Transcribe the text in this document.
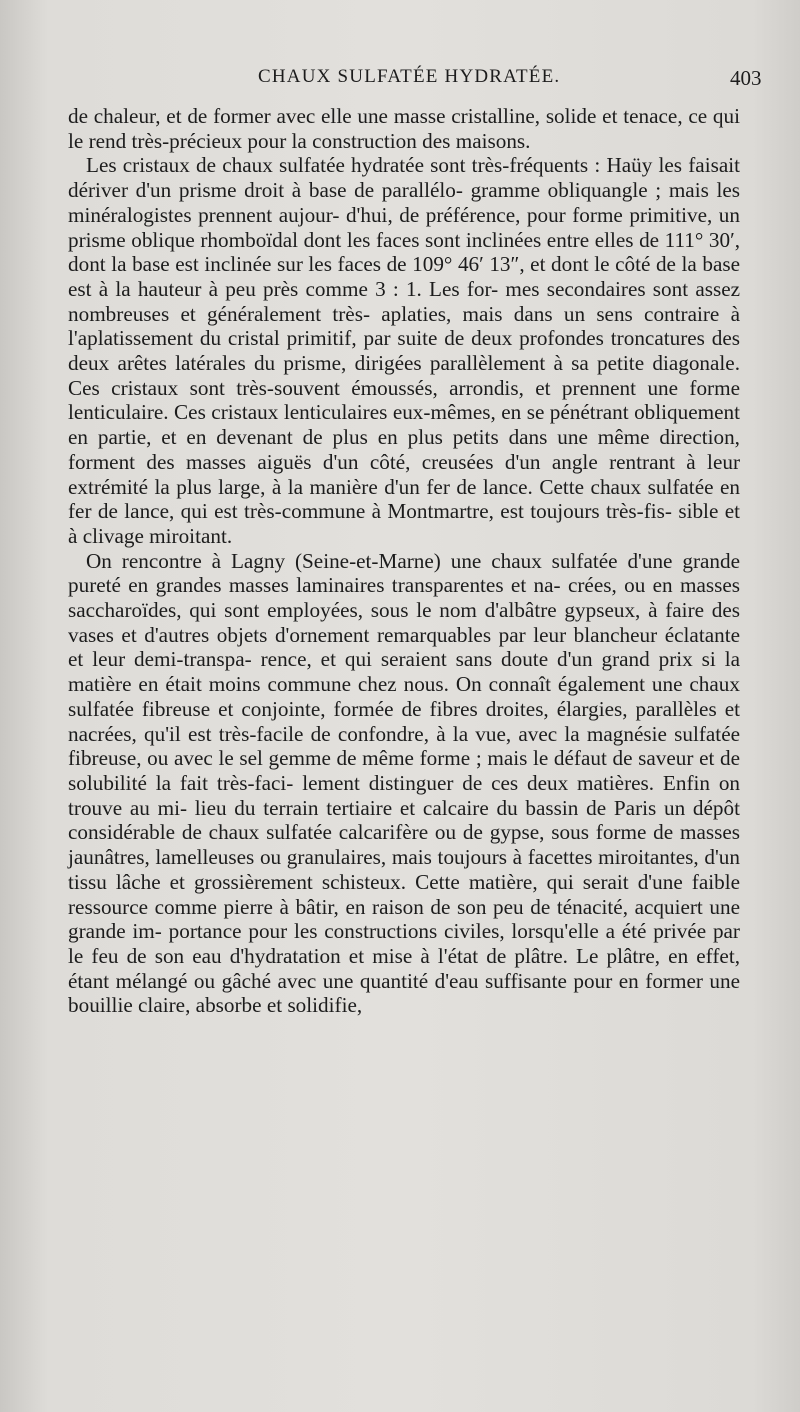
CHAUX SULFATÉE HYDRATÉE.	403

de chaleur, et de former avec elle une masse cristalline, solide et tenace, ce qui le rend très-précieux pour la construction des maisons.

Les cristaux de chaux sulfatée hydratée sont très-fréquents : Haüy les faisait dériver d'un prisme droit à base de parallélo- gramme obliquangle ; mais les minéralogistes prennent aujour- d'hui, de préférence, pour forme primitive, un prisme oblique rhomboïdal dont les faces sont inclinées entre elles de 111° 30′, dont la base est inclinée sur les faces de 109° 46′ 13″, et dont le côté de la base est à la hauteur à peu près comme 3 : 1. Les for- mes secondaires sont assez nombreuses et généralement très- aplaties, mais dans un sens contraire à l'aplatissement du cristal primitif, par suite de deux profondes troncatures des deux arêtes latérales du prisme, dirigées parallèlement à sa petite diagonale. Ces cristaux sont très-souvent émoussés, arrondis, et prennent une forme lenticulaire. Ces cristaux lenticulaires eux-mêmes, en se pénétrant obliquement en partie, et en devenant de plus en plus petits dans une même direction, forment des masses aiguës d'un côté, creusées d'un angle rentrant à leur extrémité la plus large, à la manière d'un fer de lance. Cette chaux sulfatée en fer de lance, qui est très-commune à Montmartre, est toujours très-fis- sible et à clivage miroitant.

On rencontre à Lagny (Seine-et-Marne) une chaux sulfatée d'une grande pureté en grandes masses laminaires transparentes et na- crées, ou en masses saccharoïdes, qui sont employées, sous le nom d'albâtre gypseux, à faire des vases et d'autres objets d'ornement remarquables par leur blancheur éclatante et leur demi-transpa- rence, et qui seraient sans doute d'un grand prix si la matière en était moins commune chez nous. On connaît également une chaux sulfatée fibreuse et conjointe, formée de fibres droites, élargies, parallèles et nacrées, qu'il est très-facile de confondre, à la vue, avec la magnésie sulfatée fibreuse, ou avec le sel gemme de même forme ; mais le défaut de saveur et de solubilité la fait très-faci- lement distinguer de ces deux matières. Enfin on trouve au mi- lieu du terrain tertiaire et calcaire du bassin de Paris un dépôt considérable de chaux sulfatée calcarifère ou de gypse, sous forme de masses jaunâtres, lamelleuses ou granulaires, mais toujours à facettes miroitantes, d'un tissu lâche et grossièrement schisteux. Cette matière, qui serait d'une faible ressource comme pierre à bâtir, en raison de son peu de ténacité, acquiert une grande im- portance pour les constructions civiles, lorsqu'elle a été privée par le feu de son eau d'hydratation et mise à l'état de plâtre. Le plâtre, en effet, étant mélangé ou gâché avec une quantité d'eau suffisante pour en former une bouillie claire, absorbe et solidifie,
